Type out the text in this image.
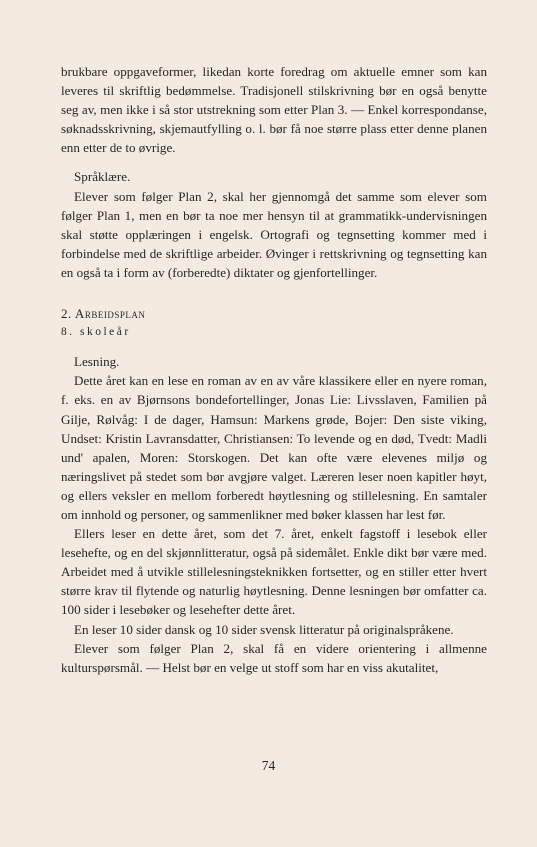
brukbare oppgaveformer, likedan korte foredrag om aktuelle emner som kan leveres til skriftlig bedømmelse. Tradisjonell stilskrivning bør en også benytte seg av, men ikke i så stor utstrekning som etter Plan 3. — Enkel korrespondanse, søknadsskrivning, skjemautfylling o. l. bør få noe større plass etter denne planen enn etter de to øvrige.

Språklære.

Elever som følger Plan 2, skal her gjennomgå det samme som elever som følger Plan 1, men en bør ta noe mer hensyn til at grammatikk-undervisningen skal støtte opplæringen i engelsk. Ortografi og tegnsetting kommer med i forbindelse med de skriftlige arbeider. Øvinger i rettskrivning og tegnsetting kan en også ta i form av (forberedte) diktater og gjenfortellinger.

2. Arbeidsplan

8. skoleår

Lesning.

Dette året kan en lese en roman av en av våre klassikere eller en nyere roman, f. eks. en av Bjørnsons bondefortellinger, Jonas Lie: Livsslaven, Familien på Gilje, Rølvåg: I de dager, Hamsun: Markens grøde, Bojer: Den siste viking, Undset: Kristin Lavransdatter, Christiansen: To levende og en død, Tvedt: Madli und' apalen, Moren: Storskogen. Det kan ofte være elevenes miljø og næringslivet på stedet som bør avgjøre valget. Læreren leser noen kapitler høyt, og ellers veksler en mellom forberedt høytlesning og stillelesning. En samtaler om innhold og personer, og sammenlikner med bøker klassen har lest før.

Ellers leser en dette året, som det 7. året, enkelt fagstoff i lesebok eller lesehefte, og en del skjønnlitteratur, også på sidemålet. Enkle dikt bør være med. Arbeidet med å utvikle stillelesningsteknikken fortsetter, og en stiller etter hvert større krav til flytende og naturlig høytlesning. Denne lesningen bør omfatter ca. 100 sider i lesebøker og lesehefter dette året.

En leser 10 sider dansk og 10 sider svensk litteratur på originalspråkene.

Elever som følger Plan 2, skal få en videre orientering i allmenne kulturspørsmål. — Helst bør en velge ut stoff som har en viss akutalitet,

74
